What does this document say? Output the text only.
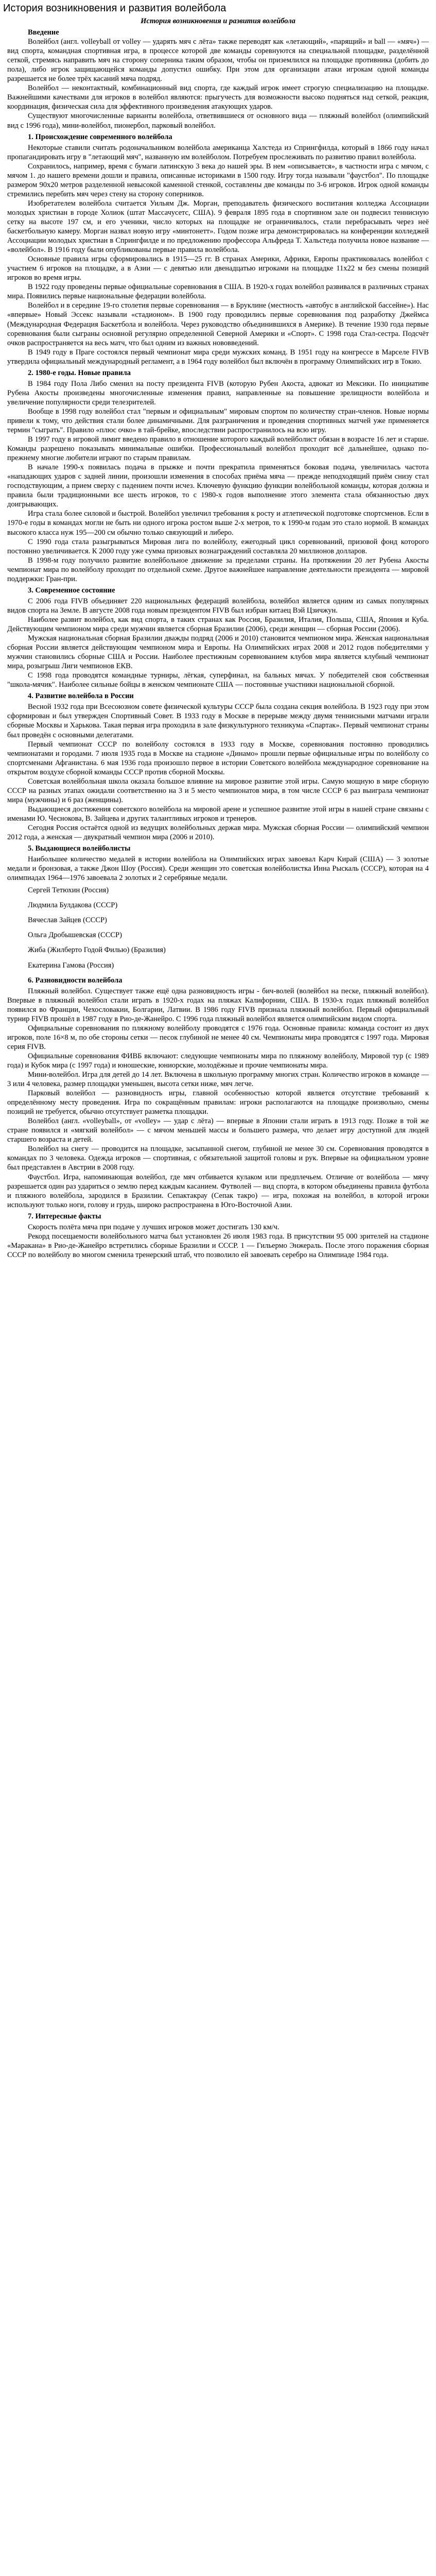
История возникновения и развития волейбола
История возникновения и развития волейбола
Введение

Волейбол (англ. volleyball от volley — ударять мяч с лёта» также переводят как «летающий», «парящий» и ball — «мяч») — вид спорта, командная спортивная игра, в процессе которой две команды соревнуются на специальной площадке, разделённой сеткой, стремясь направить мяч на сторону соперника таким образом, чтобы он приземлился на площадке противника (добить до пола), либо игрок защищающейся команды допустил ошибку. При этом для организации атаки игрокам одной команды разрешается не более трёх касаний мяча подряд.

Волейбол — неконтактный, комбинационный вид спорта, где каждый игрок имеет строгую специализацию на площадке. Важнейшими качествами для игроков в волейбол являются: прыгучесть для возможности высоко подняться над сеткой, реакция, координация, физическая сила для эффективного произведения атакующих ударов.

Существуют многочисленные варианты волейбола, ответвившиеся от основного вида — пляжный волейбол (олимпийский вид с 1996 года), мини-волейбол, пионербол, парковый волейбол.

1. Происхождение современного волейбола

Некоторые ставили считать родоначальником волейбола американца Халстеда из Спрингфилда, который в 1866 году начал пропагандировать игру в "летающий мяч", названную им волейболом. Потребуем прослеживать по развитию правил волейбола.

Сохранилось, например, время с бумаги латинскую 3 века до нашей эры. В нем «описывается», в частности игра с мячом, с мячом 1. до нашего времени дошли и правила, описанные историками в 1500 году. Игру тогда называли "фаустбол". По площадке размером 90х20 метров разделенной невысокой каменной стенкой, составлены две команды по 3-6 игроков. Игрок одной команды стремились перебить мяч через стену на сторону соперников.

Изобретателем волейбола считается Уильям Дж. Морган, преподаватель физического воспитания колледжа Ассоциации молодых христиан в городе Холиок (штат Массачусетс, США). 9 февраля 1895 года в спортивном зале он подвесил теннисную сетку на высоте 197 см, и его ученики, число которых на площадке не ограничивалось, стали перебрасывать через неё баскетбольную камеру. Морган назвал новую игру «минтонетт». Годом позже игра демонстрировалась на конференции колледжей Ассоциации молодых христиан в Спрингфилде и по предложению профессора Альфреда Т. Хальстеда получила новое название — «волейбол». В 1916 году были опубликованы первые правила волейбола.

Основные правила игры сформировались в 1915—25 гг. В странах Америки, Африки, Европы практиковалась волейбол с участием 6 игроков на площадке, а в Азии — с девятью или двенадцатью игроками на площадке 11х22 м без смены позиций игроков во время игры.

В 1922 году проведены первые официальные соревнования в США. В 1920-х годах волейбол развивался в различных странах мира. Появились первые национальные федерации волейбола.

Волейбол и в середине 19-го столетия первые соревнования — в Бруклине (местность «автобус в английской бассейне»). Нас «впервые» Новый Эссекс называли «стадионом». В 1900 году проводились первые соревнования под разработку Джеймса (Международная Федерация Баскетбола и волейбола. Через руководство объединившихся в Америке). В течение 1930 года первые соревнования были сыграны основной регулярно определенной Северной Америки и «Спорт». С 1998 года Стал-сестра. Подсчёт очков распространяется на весь матч, что был одним из важных нововведений.

В 1949 году в Праге состоялся первый чемпионат мира среди мужских команд. В 1951 году на конгрессе в Марселе FIVB утвердила официальный международный регламент, а в 1964 году волейбол был включён в программу Олимпийских игр в Токио.

2. 1980-е годы. Новые правила

В 1984 году Пола Либо сменил на посту президента FIVB (которую Рубен Акоста, адвокат из Мексики. По инициативе Рубена Акосты произведены многочисленные изменения правил, направленные на повышение зрелищности волейбола и увеличение популярности среди телезрителей.

Вообще в 1998 году волейбол стал "первым и официальным" мировым спортом по количеству стран-членов. Новые нормы привели к тому, что действия стали более динамичными. Для разграничения и проведения спортивных матчей уже применяется термин "сыграть". Правило «плюс очко» в тай-брейке, впоследствии распространилось на всю игру.

В 1997 году в игровой лимит введено правило в отношение которого каждый волейболист обязан в возрасте 16 лет и старше. Команды разрешено показывать минимальные ошибки. Профессиональный волейбол проходит всё дальнейшее, однако по-прежнему многие любители играют по старым правилам.

В начале 1990-х появилась подача в прыжке и почти прекратила применяться боковая подача, увеличилась частота «нападающих ударов с задней линии, произошли изменения в способах приёма мяча — прежде неподходящий приём снизу стал господствующим, а прием сверху с падением почти исчез. Ключевую функцию функции волейбольной команды, которая должна и правила были традиционными все шесть игроков, то с 1980-х годов выполнение этого элемента стала обязанностью двух доигрывающих.

Игра стала более силовой и быстрой. Волейбол увеличил требования к росту и атлетической подготовке спортсменов. Если в 1970-е годы в командах могли не быть ни одного игрока ростом выше 2-х метров, то к 1990-м годам это стало нормой. В командах высокого класса нуж 195—200 см обычно только связующий и либеро.

С 1990 года стала разыгрываться Мировая лига по волейболу, ежегодный цикл соревнований, призовой фонд которого постоянно увеличивается. К 2000 году уже сумма призовых вознаграждений составляла 20 миллионов долларов.

В 1998-м году получило развитие волейбольное движение за пределами страны. На протяжении 20 лет Рубена Акосты чемпионат мира по волейболу проходит по отдельной схеме. Другое важнейшее направление деятельности президента — мировой поддержки: Гран-при.

3. Современное состояние

С 2006 года FIVB объединяет 220 национальных федераций волейбола, волейбол является одним из самых популярных видов спорта на Земле. В августе 2008 года новым президентом FIVB был избран китаец Вэй Цзичжун.

Наиболее развит волейбол, как вид спорта, в таких странах как Россия, Бразилия, Италия, Польша, США, Япония и Куба. Действующим чемпионом мира среди мужчин является сборная Бразилии (2006), среди женщин — сборная России (2006).

Мужская национальная сборная Бразилии дважды подряд (2006 и 2010) становится чемпионом мира. Женская национальная сборная России является действующим чемпионом мира и Европы. На Олимпийских играх 2008 и 2012 годов победителями у мужчин становились сборные США и России. Наиболее престижным соревнованием клубов мира является клубный чемпионат мира, розыгрыш Лиги чемпионов ЕКВ.

С 1998 года проводятся командные турниры, лёгкая, суперфинал, на бальных мячах. У победителей своя собственная "школа-мячик". Наиболее сильные бойцы в женском чемпионате США — постоянные участники национальной сборной.

4. Развитие волейбола в России

Весной 1932 года при Всесоюзном совете физической культуры СССР была создана секция волейбола. В 1923 году при этом сформирован и был утвержден Спортивный Совет. В 1933 году в Москве в перерыве между двумя теннисными матчами играли сборные Москвы и Харькова. Такая первая игра проходила в зале физкультурного техникума «Спартак». Первый чемпионат страны был проведён с основными делегатами.

Первый чемпионат СССР по волейболу состоялся в 1933 году в Москве, соревнования постоянно проводились чемпионатами и городами. 7 июля 1935 года в Москве на стадионе «Динамо» прошли первые официальные игры по волейболу со спортсменами Афганистана. 6 мая 1936 года произошло первое в истории Советского волейбола международное соревнование на открытом воздухе сборной команды СССР против сборной Москвы.

Советская волейбольная школа оказала большое влияние на мировое развитие этой игры. Самую мощную в мире сборную СССР на разных этапах ожидали соответственно на 3 и 5 место чемпионатов мира, в том числе СССР 6 раз выиграла чемпионат мира (мужчины) и 6 раз (женщины).

Выдающиеся достижения советского волейбола на мировой арене и успешное развитие этой игры в нашей стране связаны с именами Ю. Чеснокова, В. Зайцева и других талантливых игроков и тренеров.

Сегодня Россия остаётся одной из ведущих волейбольных держав мира. Мужская сборная России — олимпийский чемпион 2012 года, а женская — двукратный чемпион мира (2006 и 2010).

5. Выдающиеся волейболисты

Наибольшее количество медалей в истории волейбола на Олимпийских играх завоевал Карч Кирай (США) — 3 золотые медали и бронзовая, а также Джон Шоу (Россия). Среди женщин это советская волейболистка Инна Рыскаль (СССР), которая на 4 олимпиадах 1964—1976 завоевала 2 золотых и 2 серебряные медали.

Сергей Тетюхин (Россия)
Людмила Булдакова (СССР)
Вячеслав Зайцев (СССР)
Ольга Дробышевская (СССР)
Жиба (Жилберто Годой Филью) (Бразилия)
Екатерина Гамова (Россия)
6. Разновидности волейбола

Пляжный волейбол. Существует также ещё одна разновидность игры - бич-волей (волейбол на песке, пляжный волейбол). Впервые в пляжный волейбол стали играть в 1920-х годах на пляжах Калифорнии, США. В 1930-х годах пляжный волейбол появился во Франции, Чехословакии, Болгарии, Латвии. В 1986 году FIVB признала пляжный волейбол. Первый официальный турнир FIVB прошёл в 1987 году в Рио-де-Жанейро. С 1996 года пляжный волейбол является олимпийским видом спорта.

Официальные соревнования по пляжному волейболу проводятся с 1976 года. Основные правила: команда состоит из двух игроков, поле 16×8 м, по обе стороны сетки — песок глубиной не менее 40 см. Чемпионаты мира проводятся с 1997 года. Мировая серия FIVB.

Официальные соревнования ФИВБ включают: следующие чемпионаты мира по пляжному волейболу, Мировой тур (с 1989 года) и Кубок мира (с 1997 года) и юношеские, юниорские, молодёжные и прочие чемпионаты мира.

Мини-волейбол. Игра для детей до 14 лет. Включена в школьную программу многих стран. Количество игроков в команде — 3 или 4 человека, размер площадки уменьшен, высота сетки ниже, мяч легче.

Парковый волейбол — разновидность игры, главной особенностью которой является отсутствие требований к определённому месту проведения. Игра по сокращённым правилам: игроки располагаются на площадке произвольно, смены позиций не требуется, обычно отсутствует разметка площадки.

Волейбол (англ. «volleyball», от «volley» — удар с лёта) — впервые в Японии стали играть в 1913 году. Позже в той же стране появился и «мягкий волейбол» — с мячом меньшей массы и большего размера, что делает игру доступной для людей старшего возраста и детей.

Волейбол на снегу — проводится на площадке, засыпанной снегом, глубиной не менее 30 см. Соревнования проводятся в командах по 3 человека. Одежда игроков — спортивная, с обязательной защитой головы и рук. Впервые на официальном уровне был представлен в Австрии в 2008 году.

Фаустбол. Игра, напоминающая волейбол, где мяч отбивается кулаком или предплечьем. Отличие от волейбола — мячу разрешается один раз удариться о землю перед каждым касанием. Футволей — вид спорта, в котором объединены правила футбола и пляжного волейбола, зародился в Бразилии. Сепактакрау (Сепак такро) — игра, похожая на волейбол, в которой игроки используют только ноги, голову и грудь, широко распространена в Юго-Восточной Азии.

7. Интересные факты

Скорость полёта мяча при подаче у лучших игроков может достигать 130 км/ч.

Рекорд посещаемости волейбольного матча был установлен 26 июля 1983 года. В присутствии 95 000 зрителей на стадионе «Маракана» в Рио-де-Жанейро встретились сборные Бразилии и СССР. 1 — Гильермо Энжераль. После этого поражения сборная СССР по волейболу во многом сменила тренерский штаб, что позволило ей завоевать серебро на Олимпиаде 1984 года.
